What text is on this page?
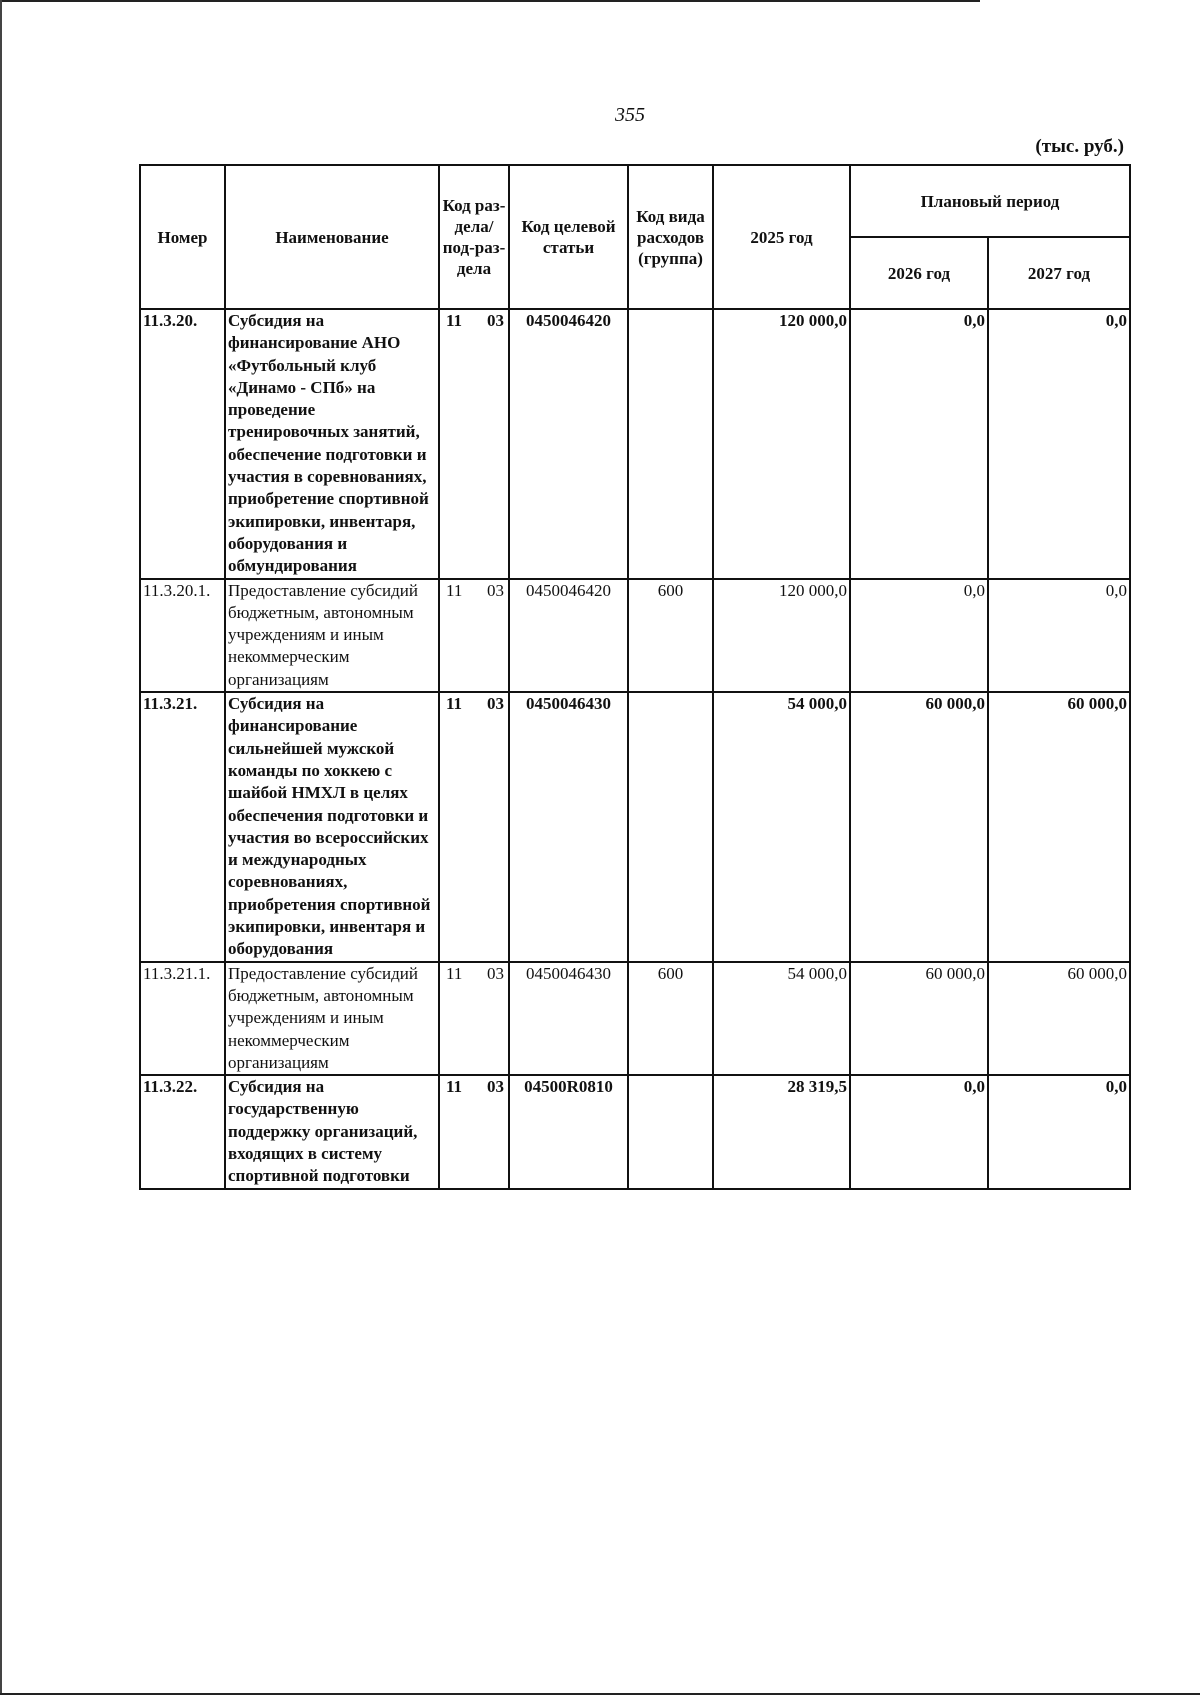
355
(тыс. руб.)
Номер	Наименование	Код раз-дела/ под-раз-дела	Код целевой статьи	Код вида расходов (группа)	2025 год	Плановый период	
						2026 год	2027 год
11.3.20.	Субсидия на финансирование АНО «Футбольный клуб «Динамо - СПб» на проведение тренировочных занятий, обеспечение подготовки и участия в соревнованиях, приобретение спортивной экипировки, инвентаря, оборудования и обмундирования	11 03	0450046420		120 000,0	0,0	0,0
11.3.20.1.	Предоставление субсидий бюджетным, автономным учреждениям и иным некоммерческим организациям	11 03	0450046420	600	120 000,0	0,0	0,0
11.3.21.	Субсидия на финансирование сильнейшей мужской команды по хоккею с шайбой НМХЛ в целях обеспечения подготовки и участия во всероссийских и международных соревнованиях, приобретения спортивной экипировки, инвентаря и оборудования	11 03	0450046430		54 000,0	60 000,0	60 000,0
11.3.21.1.	Предоставление субсидий бюджетным, автономным учреждениям и иным некоммерческим организациям	11 03	0450046430	600	54 000,0	60 000,0	60 000,0
11.3.22.	Субсидия на государственную поддержку организаций, входящих в систему спортивной подготовки	11 03	04500R0810		28 319,5	0,0	0,0
